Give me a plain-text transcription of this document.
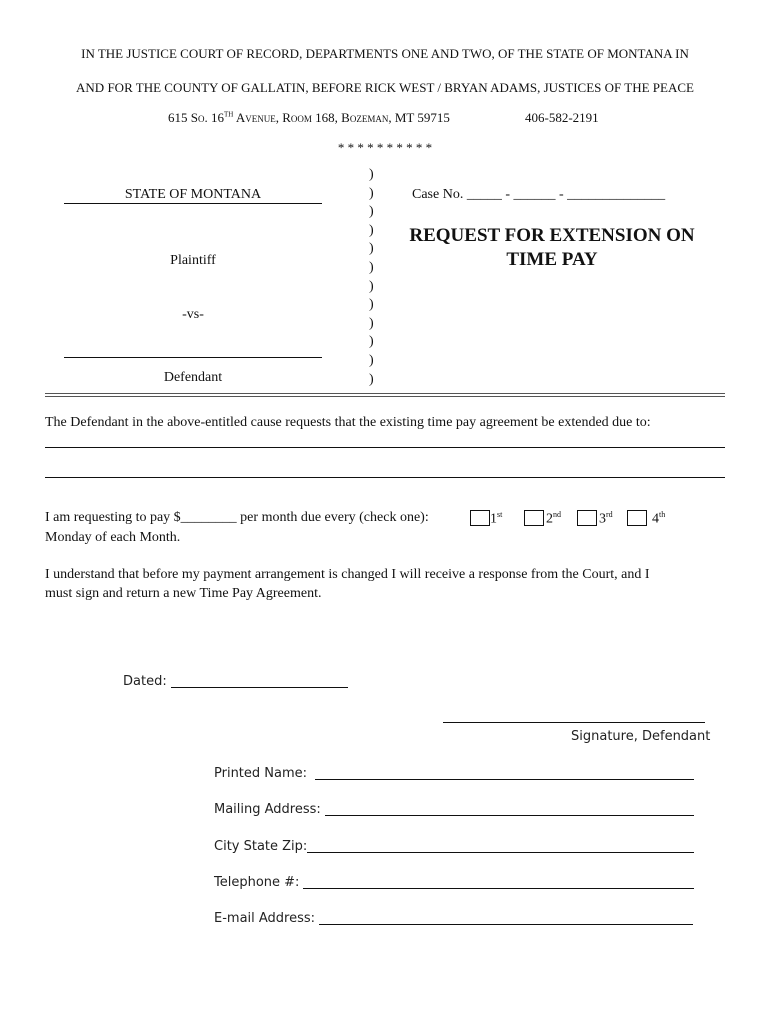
IN THE JUSTICE COURT OF RECORD, DEPARTMENTS ONE AND TWO, OF THE STATE OF MONTANA IN
AND FOR THE COUNTY OF GALLATIN, BEFORE RICK WEST / BRYAN ADAMS, JUSTICES OF THE PEACE
615 So. 16TH Avenue, Room 168, Bozeman, MT 59715	406-582-2191
* * * * * * * * * *
STATE OF MONTANA
Plaintiff
-vs-
Defendant
)
)
)
)
)
)
)
)
)
)
)
)
Case No. _____ - ______ - ______________
REQUEST FOR EXTENSION ON
TIME PAY
The Defendant in the above-entitled cause requests that the existing time pay agreement be extended due to:
I am requesting to pay $________ per month due every (check one):	1st	2nd	3rd	4th
Monday of each Month.
I understand that before my payment arrangement is changed I will receive a response from the Court, and I
must sign and return a new Time Pay Agreement.
Dated:
Signature, Defendant
Printed Name:
Mailing Address:
City State Zip:
Telephone #:
E-mail Address:
